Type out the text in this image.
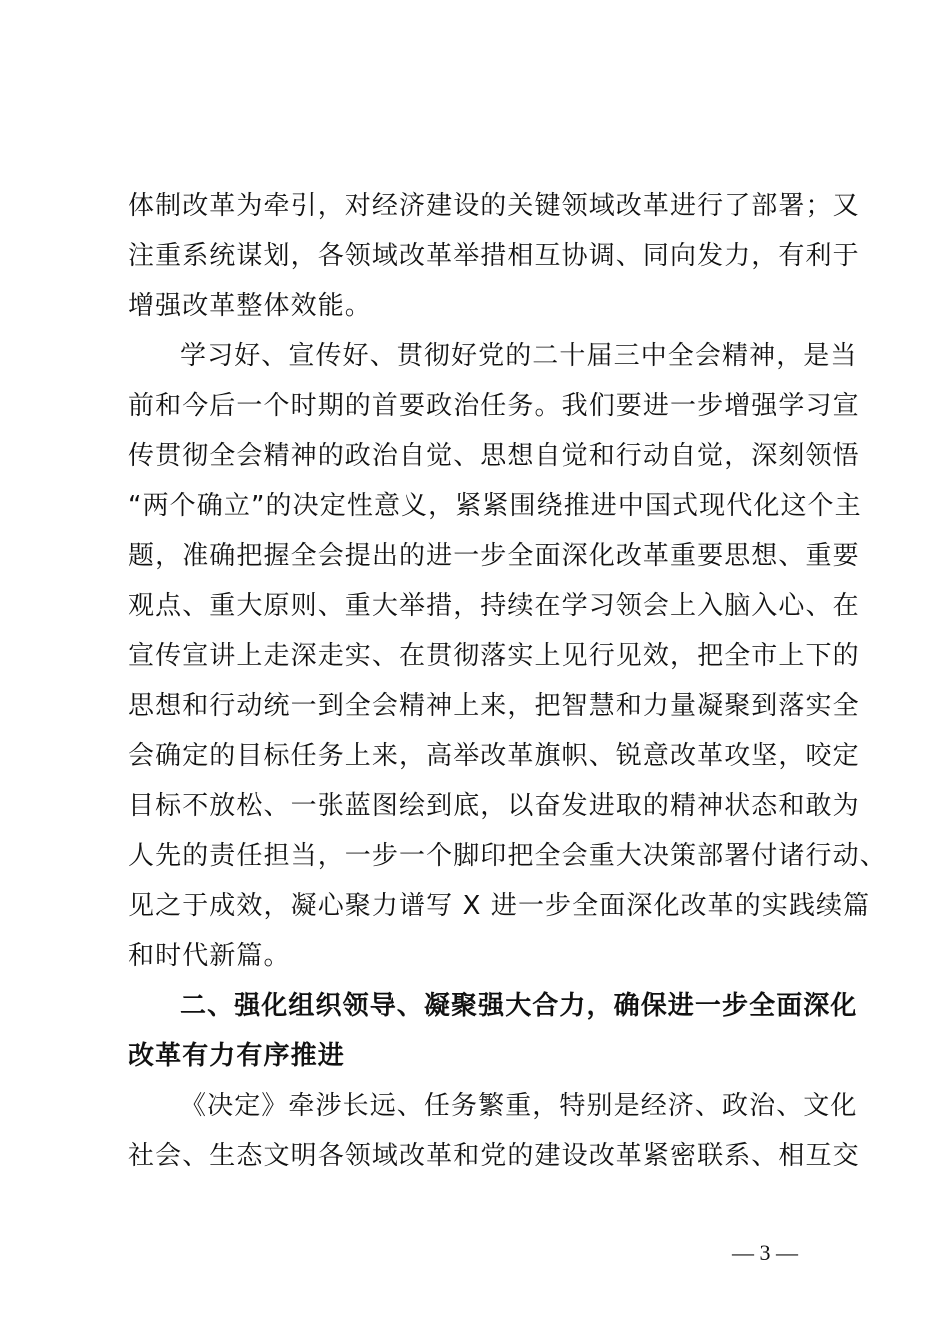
体制改革为牵引，对经济建设的关键领域改革进行了部署；又
注重系统谋划，各领域改革举措相互协调、同向发力，有利于
增强改革整体效能。
学习好、宣传好、贯彻好党的二十届三中全会精神，是当
前和今后一个时期的首要政治任务。我们要进一步增强学习宣
传贯彻全会精神的政治自觉、思想自觉和行动自觉，深刻领悟
“两个确立”的决定性意义，紧紧围绕推进中国式现代化这个主
题，准确把握全会提出的进一步全面深化改革重要思想、重要
观点、重大原则、重大举措，持续在学习领会上入脑入心、在
宣传宣讲上走深走实、在贯彻落实上见行见效，把全市上下的
思想和行动统一到全会精神上来，把智慧和力量凝聚到落实全
会确定的目标任务上来，高举改革旗帜、锐意改革攻坚，咬定
目标不放松、一张蓝图绘到底，以奋发进取的精神状态和敢为
人先的责任担当，一步一个脚印把全会重大决策部署付诸行动、
见之于成效，凝心聚力谱写 X 进一步全面深化改革的实践续篇
和时代新篇。
二、强化组织领导、凝聚强大合力，确保进一步全面深化
改革有力有序推进
《决定》牵涉长远、任务繁重，特别是经济、政治、文化
社会、生态文明各领域改革和党的建设改革紧密联系、相互交
— 3 —
